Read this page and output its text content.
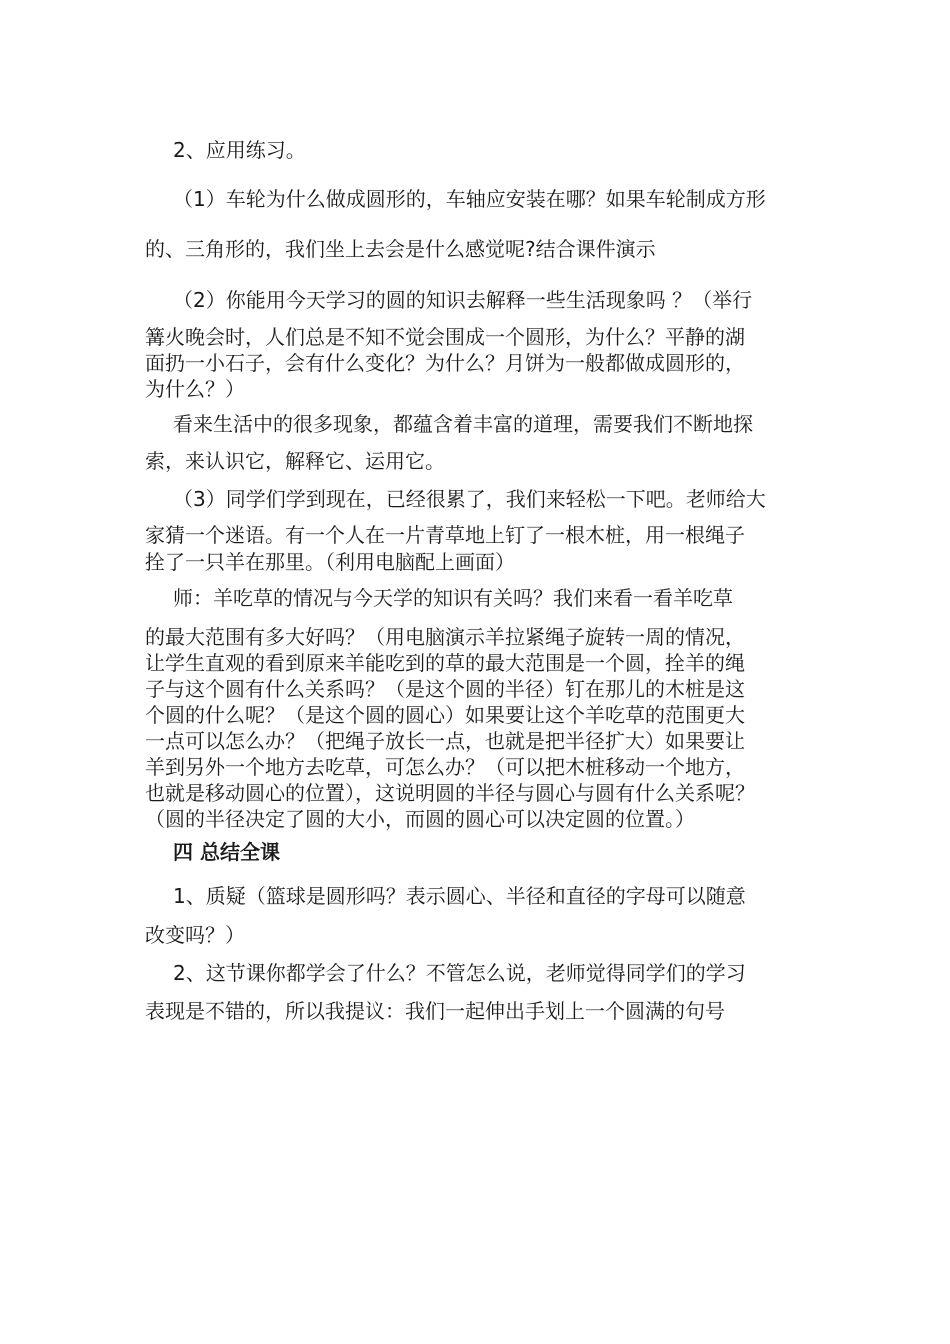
2、应用练习。
（1）车轮为什么做成圆形的，车轴应安装在哪？如果车轮制成方形
的、三角形的，我们坐上去会是什么感觉呢?结合课件演示
（2）你能用今天学习的圆的知识去解释一些生活现象吗 ？（举行
篝火晚会时，人们总是不知不觉会围成一个圆形，为什么？平静的湖
面扔一小石子，会有什么变化？为什么？月饼为一般都做成圆形的，
为什么？）
看来生活中的很多现象，都蕴含着丰富的道理，需要我们不断地探
索，来认识它，解释它、运用它。
（3）同学们学到现在，已经很累了，我们来轻松一下吧。老师给大
家猜一个迷语。有一个人在一片青草地上钉了一根木桩，用一根绳子
拴了一只羊在那里。（利用电脑配上画面）
师：羊吃草的情况与今天学的知识有关吗？我们来看一看羊吃草
的最大范围有多大好吗？（用电脑演示羊拉紧绳子旋转一周的情况，
让学生直观的看到原来羊能吃到的草的最大范围是一个圆，拴羊的绳
子与这个圆有什么关系吗？（是这个圆的半径）钉在那儿的木桩是这
个圆的什么呢？（是这个圆的圆心）如果要让这个羊吃草的范围更大
一点可以怎么办？（把绳子放长一点，也就是把半径扩大）如果要让
羊到另外一个地方去吃草，可怎么办？（可以把木桩移动一个地方，
也就是移动圆心的位置），这说明圆的半径与圆心与圆有什么关系呢？
（圆的半径决定了圆的大小，而圆的圆心可以决定圆的位置。）
四 总结全课
1、质疑（篮球是圆形吗？表示圆心、半径和直径的字母可以随意
改变吗？）
2、这节课你都学会了什么？不管怎么说，老师觉得同学们的学习
表现是不错的，所以我提议：我们一起伸出手划上一个圆满的句号
